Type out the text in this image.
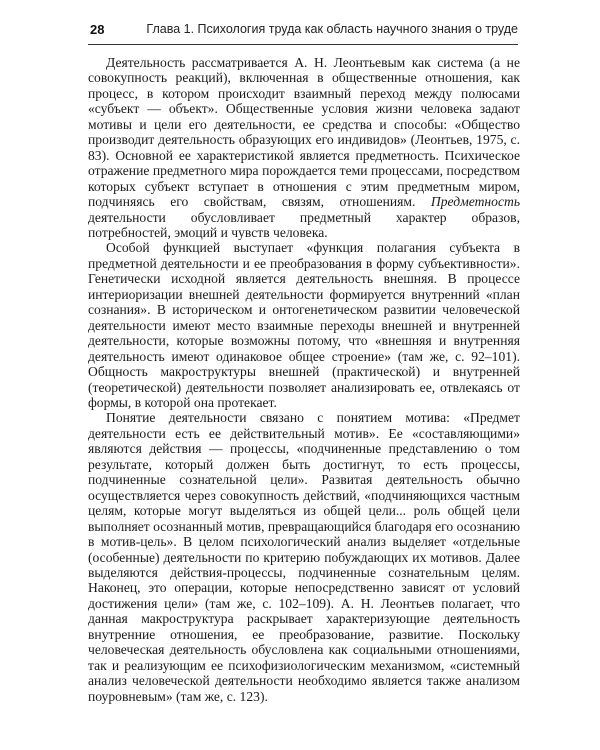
28	Глава 1. Психология труда как область научного знания о труде

Деятельность рассматривается А. Н. Леонтьевым как система (а не совокупность реакций), включенная в общественные отношения, как процесс, в котором происходит взаимный переход между полюсами «субъект — объект». Общественные условия жизни человека задают мотивы и цели его деятельности, ее средства и способы: «Общество производит деятельность образующих его индивидов» (Леонтьев, 1975, с. 83). Основной ее характеристикой является предметность. Психическое отражение предметного мира порождается теми процессами, посредством которых субъект вступает в отношения с этим предметным миром, подчиняясь его свойствам, связям, отношениям. Предметность деятельности обусловливает предметный характер образов, потребностей, эмоций и чувств человека.

Особой функцией выступает «функция полагания субъекта в предметной деятельности и ее преобразования в форму субъективности». Генетически исходной является деятельность внешняя. В процессе интериоризации внешней деятельности формируется внутренний «план сознания». В историческом и онтогенетическом развитии человеческой деятельности имеют место взаимные переходы внешней и внутренней деятельности, которые возможны потому, что «внешняя и внутренняя деятельность имеют одинаковое общее строение» (там же, с. 92–101). Общность макроструктуры внешней (практической) и внутренней (теоретической) деятельности позволяет анализировать ее, отвлекаясь от формы, в которой она протекает.

Понятие деятельности связано с понятием мотива: «Предмет деятельности есть ее действительный мотив». Ее «составляющими» являются действия — процессы, «подчиненные представлению о том результате, который должен быть достигнут, то есть процессы, подчиненные сознательной цели». Развитая деятельность обычно осуществляется через совокупность действий, «подчиняющихся частным целям, которые могут выделяться из общей цели... роль общей цели выполняет осознанный мотив, превращающийся благодаря его осознанию в мотив-цель». В целом психологический анализ выделяет «отдельные (особенные) деятельности по критерию побуждающих их мотивов. Далее выделяются действия-процессы, подчиненные сознательным целям. Наконец, это операции, которые непосредственно зависят от условий достижения цели» (там же, с. 102–109). А. Н. Леонтьев полагает, что данная макроструктура раскрывает характеризующие деятельность внутренние отношения, ее преобразование, развитие. Поскольку человеческая деятельность обусловлена как социальными отношениями, так и реализующим ее психофизиологическим механизмом, «системный анализ человеческой деятельности необходимо является также анализом поуровневым» (там же, с. 123).
